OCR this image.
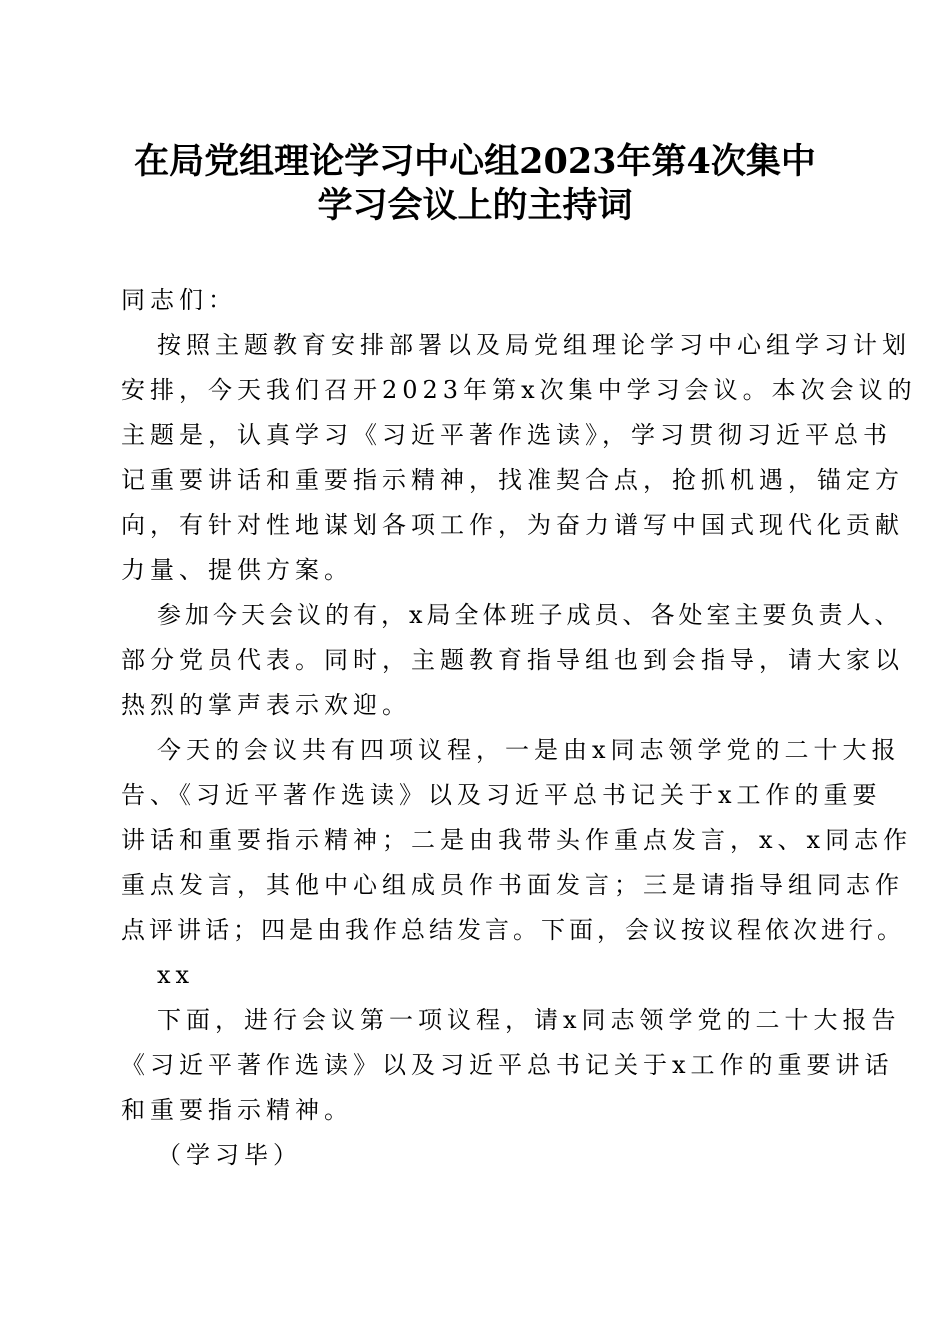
在局党组理论学习中心组2023年第4次集中
学习会议上的主持词
同志们：
按照主题教育安排部署以及局党组理论学习中心组学习计划
安排，今天我们召开2023年第x次集中学习会议。本次会议的
主题是，认真学习《习近平著作选读》，学习贯彻习近平总书
记重要讲话和重要指示精神，找准契合点，抢抓机遇，锚定方
向，有针对性地谋划各项工作，为奋力谱写中国式现代化贡献
力量、提供方案。
参加今天会议的有，x局全体班子成员、各处室主要负责人、
部分党员代表。同时，主题教育指导组也到会指导，请大家以
热烈的掌声表示欢迎。
今天的会议共有四项议程，一是由x同志领学党的二十大报
告、《习近平著作选读》以及习近平总书记关于x工作的重要
讲话和重要指示精神；二是由我带头作重点发言，x、x同志作
重点发言，其他中心组成员作书面发言；三是请指导组同志作
点评讲话；四是由我作总结发言。下面，会议按议程依次进行。
xx
下面，进行会议第一项议程，请x同志领学党的二十大报告
《习近平著作选读》以及习近平总书记关于x工作的重要讲话
和重要指示精神。
（学习毕）
